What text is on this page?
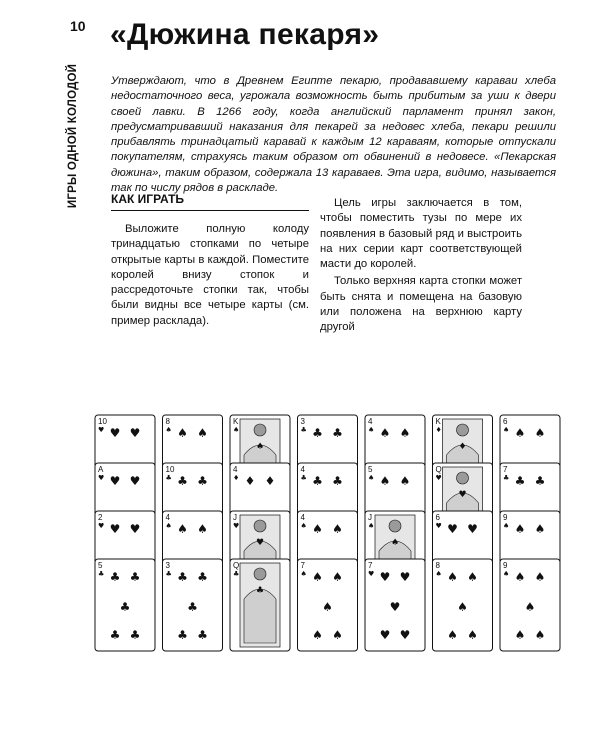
10
ИГРЫ ОДНОЙ КОЛОДОЙ
«Дюжина пекаря»

Утверждают, что в Древнем Египте пекарю, продававшему караваи хлеба недостаточного веса, угрожала возможность быть прибитым за уши к двери своей лавки. В 1266 году, когда английский парламент принял закон, предусматривавший наказания для пекарей за недовес хлеба, пекари решили прибавлять тринадцатый каравай к каждым 12 караваям, которые отпускали покупателям, страхуясь таким образом от обвинений в недовесе. «Пекарская дюжина», таким образом, содержала 13 караваев. Эта игра, видимо, называется так по числу рядов в раскладе.

КАК ИГРАТЬ

Выложите полную колоду тринадцатью стопками по четыре открытые карты в каждой. Поместите королей внизу стопок и рассредоточьте стопки так, чтобы были видны все четыре карты (см. пример расклада).

Цель игры заключается в том, чтобы поместить тузы по мере их появления в базовый ряд и выстроить на них серии карт соответствующей масти до королей.

Только верхняя карта стопки может быть снята и помещена на базовую или положена на верхнюю карту другой

10
♥ ♥ ♥
A
♥ ♥ ♥
2
♥ ♥ ♥
5
♣ ♣ ♣
♣
♣ ♣
8
♠ ♠ ♠
10
♣ ♣ ♣
4
♠ ♠ ♠
3
♣ ♣ ♣
♣
♣ ♣
K
♠
♠
4
♦ ♦ ♦
J
♥
♥
Q
♣
♣
3
♣ ♣ ♣
4
♣ ♣ ♣
4
♠ ♠ ♠
7
♠ ♠ ♠
♠
♠ ♠
4
♠ ♠ ♠
5
♠ ♠ ♠
J
♠
♠
7
♥ ♥ ♥
♥
♥ ♥
K
♦
♦
Q
♥
♥
6
♥ ♥ ♥
8
♠ ♠ ♠
♠
♠ ♠
6
♠ ♠ ♠
7
♣ ♣ ♣
9
♠ ♠ ♠
9
♠ ♠ ♠
♠
♠ ♠
